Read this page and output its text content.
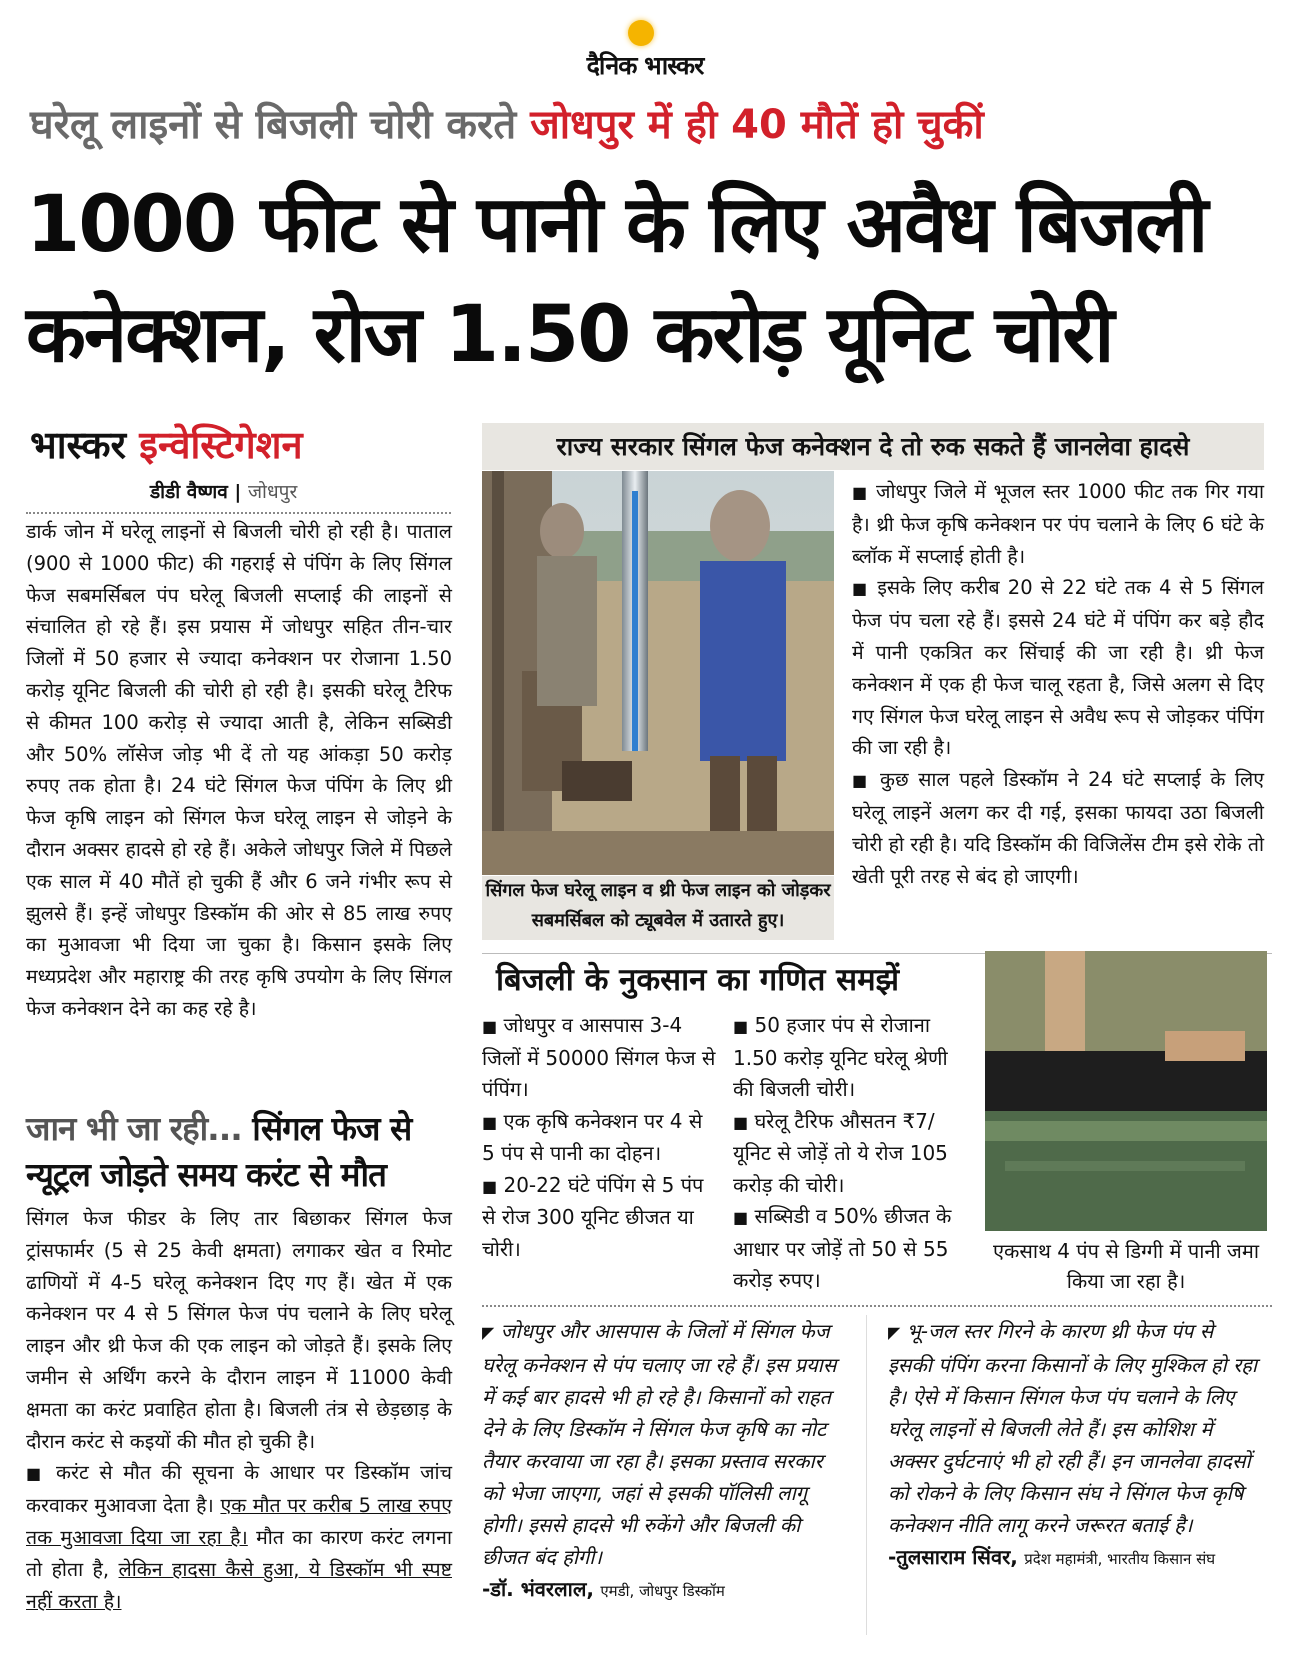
दैनिक भास्कर
घरेलू लाइनों से बिजली चोरी करते जोधपुर में ही 40 मौतें हो चुकीं
1000 फीट से पानी के लिए अवैध बिजली
कनेक्शन, रोज 1.50 करोड़ यूनिट चोरी
भास्कर इन्वेस्टिगेशन
डीडी वैष्णव | जोधपुर
डार्क जोन में घरेलू लाइनों से बिजली चोरी हो रही है। पाताल (900 से 1000 फीट) की गहराई से पंपिंग के लिए सिंगल फेज सबमर्सिबल पंप घरेलू बिजली सप्लाई की लाइनों से संचालित हो रहे हैं। इस प्रयास में जोधपुर सहित तीन-चार जिलों में 50 हजार से ज्यादा कनेक्शन पर रोजाना 1.50 करोड़ यूनिट बिजली की चोरी हो रही है। इसकी घरेलू टैरिफ से कीमत 100 करोड़ से ज्यादा आती है, लेकिन सब्सिडी और 50% लॉसेज जोड़ भी दें तो यह आंकड़ा 50 करोड़ रुपए तक होता है। 24 घंटे सिंगल फेज पंपिंग के लिए थ्री फेज कृषि लाइन को सिंगल फेज घरेलू लाइन से जोड़ने के दौरान अक्सर हादसे हो रहे हैं। अकेले जोधपुर जिले में पिछले एक साल में 40 मौतें हो चुकी हैं और 6 जने गंभीर रूप से झुलसे हैं। इन्हें जोधपुर डिस्कॉम की ओर से 85 लाख रुपए का मुआवजा भी दिया जा चुका है। किसान इसके लिए मध्यप्रदेश और महाराष्ट्र की तरह कृषि उपयोग के लिए सिंगल फेज कनेक्शन देने का कह रहे है।
जान भी जा रही... सिंगल फेज से न्यूट्रल जोड़ते समय करंट से मौत
सिंगल फेज फीडर के लिए तार बिछाकर सिंगल फेज ट्रांसफार्मर (5 से 25 केवी क्षमता) लगाकर खेत व रिमोट ढाणियों में 4-5 घरेलू कनेक्शन दिए गए हैं। खेत में एक कनेक्शन पर 4 से 5 सिंगल फेज पंप चलाने के लिए घरेलू लाइन और थ्री फेज की एक लाइन को जोड़ते हैं। इसके लिए जमीन से अर्थिंग करने के दौरान लाइन में 11000 केवी क्षमता का करंट प्रवाहित होता है। बिजली तंत्र से छेड़छाड़ के दौरान करंट से कइयों की मौत हो चुकी है।
■ करंट से मौत की सूचना के आधार पर डिस्कॉम जांच करवाकर मुआवजा देता है। एक मौत पर करीब 5 लाख रुपए तक मुआवजा दिया जा रहा है। मौत का कारण करंट लगना तो होता है, लेकिन हादसा कैसे हुआ, ये डिस्कॉम भी स्पष्ट नहीं करता है।
राज्य सरकार सिंगल फेज कनेक्शन दे तो रुक सकते हैं जानलेवा हादसे
सिंगल फेज घरेलू लाइन व थ्री फेज लाइन को जोड़कर सबमर्सिबल को ट्यूबवेल में उतारते हुए।
■ जोधपुर जिले में भूजल स्तर 1000 फीट तक गिर गया है। थ्री फेज कृषि कनेक्शन पर पंप चलाने के लिए 6 घंटे के ब्लॉक में सप्लाई होती है।
■ इसके लिए करीब 20 से 22 घंटे तक 4 से 5 सिंगल फेज पंप चला रहे हैं। इससे 24 घंटे में पंपिंग कर बड़े हौद में पानी एकत्रित कर सिंचाई की जा रही है। थ्री फेज कनेक्शन में एक ही फेज चालू रहता है, जिसे अलग से दिए गए सिंगल फेज घरेलू लाइन से अवैध रूप से जोड़कर पंपिंग की जा रही है।
■ कुछ साल पहले डिस्कॉम ने 24 घंटे सप्लाई के लिए घरेलू लाइनें अलग कर दी गई, इसका फायदा उठा बिजली चोरी हो रही है। यदि डिस्कॉम की विजिलेंस टीम इसे रोके तो खेती पूरी तरह से बंद हो जाएगी।
बिजली के नुकसान का गणित समझें
■ जोधपुर व आसपास 3-4 जिलों में 50000 सिंगल फेज से पंपिंग।
■ एक कृषि कनेक्शन पर 4 से 5 पंप से पानी का दोहन।
■ 20-22 घंटे पंपिंग से 5 पंप से रोज 300 यूनिट छीजत या चोरी।
■ 50 हजार पंप से रोजाना 1.50 करोड़ यूनिट घरेलू श्रेणी की बिजली चोरी।
■ घरेलू टैरिफ औसतन ₹7/ यूनिट से जोड़ें तो ये रोज 105 करोड़ की चोरी।
■ सब्सिडी व 50% छीजत के आधार पर जोड़ें तो 50 से 55 करोड़ रुपए।
एकसाथ 4 पंप से डिग्गी में पानी जमा किया जा रहा है।
◤ जोधपुर और आसपास के जिलों में सिंगल फेज घरेलू कनेक्शन से पंप चलाए जा रहे हैं। इस प्रयास में कई बार हादसे भी हो रहे है। किसानों को राहत देने के लिए डिस्कॉम ने सिंगल फेज कृषि का नोट तैयार करवाया जा रहा है। इसका प्रस्ताव सरकार को भेजा जाएगा, जहां से इसकी पॉलिसी लागू होगी। इससे हादसे भी रुकेंगे और बिजली की छीजत बंद होगी।
-डॉ. भंवरलाल, एमडी, जोधपुर डिस्कॉम
◤ भू-जल स्तर गिरने के कारण थ्री फेज पंप से इसकी पंपिंग करना किसानों के लिए मुश्किल हो रहा है। ऐसे में किसान सिंगल फेज पंप चलाने के लिए घरेलू लाइनों से बिजली लेते हैं। इस कोशिश में अक्सर दुर्घटनाएं भी हो रही हैं। इन जानलेवा हादसों को रोकने के लिए किसान संघ ने सिंगल फेज कृषि कनेक्शन नीति लागू करने जरूरत बताई है।
-तुलसाराम सिंवर, प्रदेश महामंत्री, भारतीय किसान संघ
